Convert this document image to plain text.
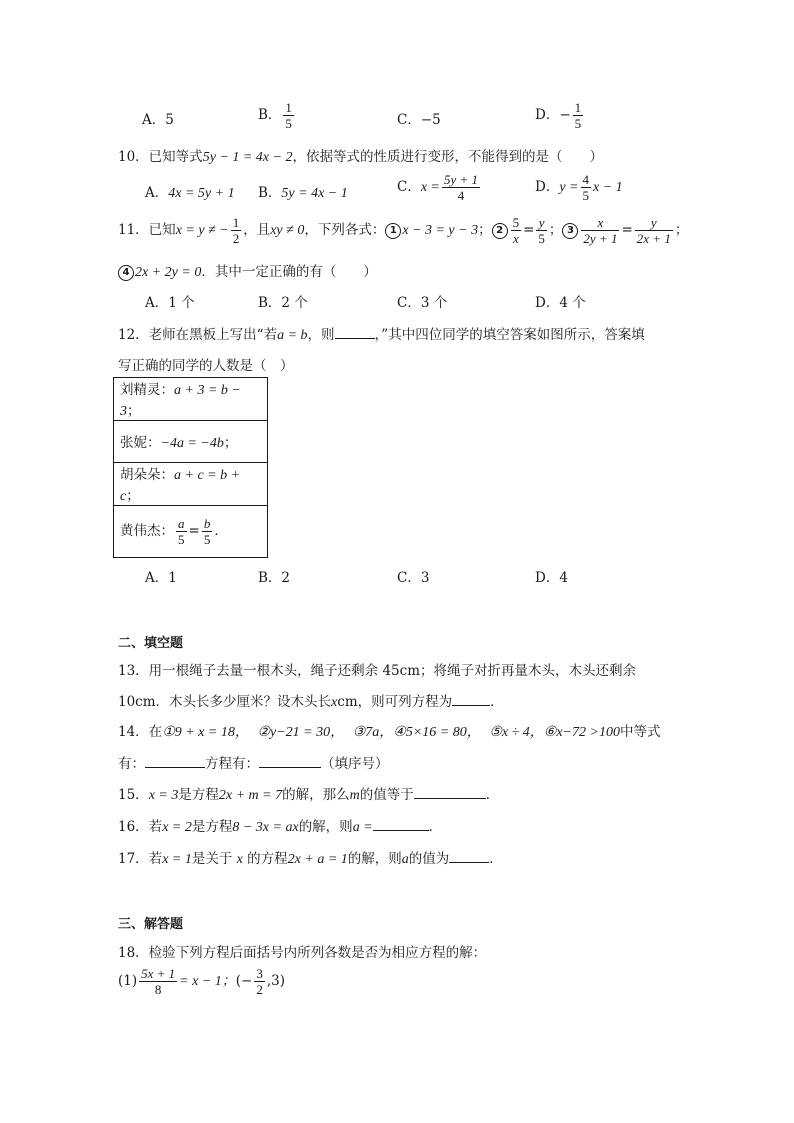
A．5	B． $\frac{1}{5}$	C．−5	D．− $\frac{1}{5}$
10．已知等式5y − 1 = 4x − 2，依据等式的性质进行变形，不能得到的是（　　）
A．4x = 5y + 1 B．5y = 4x − 1	C．$x = \frac{5y + 1}{4}$	D．$y = \frac{4}{5}$ x − 1
11．已知x = y ≠ − $\frac{1}{2}$ ，且xy ≠ 0，下列各式： 1 x − 3 = y − 3； $2 \frac{5}{x} = \frac{y}{5}$ ； $3 \frac{x}{2y + 1} = \frac{y}{2x + 1}$ ；
4 2x + 2y = 0．其中一定正确的有（　　）
A．1 个	B．2 个	C．3 个	D．4 个
12．老师在黑板上写出“若a = b，则	，”其中四位同学的填空答案如图所示，答案填
写正确的同学的人数是（　）
刘精灵：a + 3 = b − 3；
张妮：−4a = −4b；
胡朵朵：a + c = b + c；
黄伟杰： $\frac{a}{5} = \frac{b}{5}$ ．
A．1	B．2	C．3	D．4
二、填空题
13．用一根绳子去量一根木头，绳子还剩余 45cm；将绳子对折再量木头，木头还剩余
10cm．木头长多少厘米？设木头长xcm，则可列方程为	．
14．在①9 + x = 18， ②y−21 = 30， ③7a，④5×16 = 80， ⑤x ÷ 4，⑥x−72 >100中等式
有：	方程有：	（填序号）
15．x = 3是方程2x + m = 7的解，那么m的值等于	．
16．若x = 2是方程8 − 3x = ax的解，则a =	．
17．若x = 1是关于 x 的方程2x + a = 1的解，则a的值为	．
三、解答题
18．检验下列方程后面括号内所列各数是否为相应方程的解：
$(1) \frac{5x + 1}{8} = x - 1$；(− $\frac{3}{2} ,3$)
